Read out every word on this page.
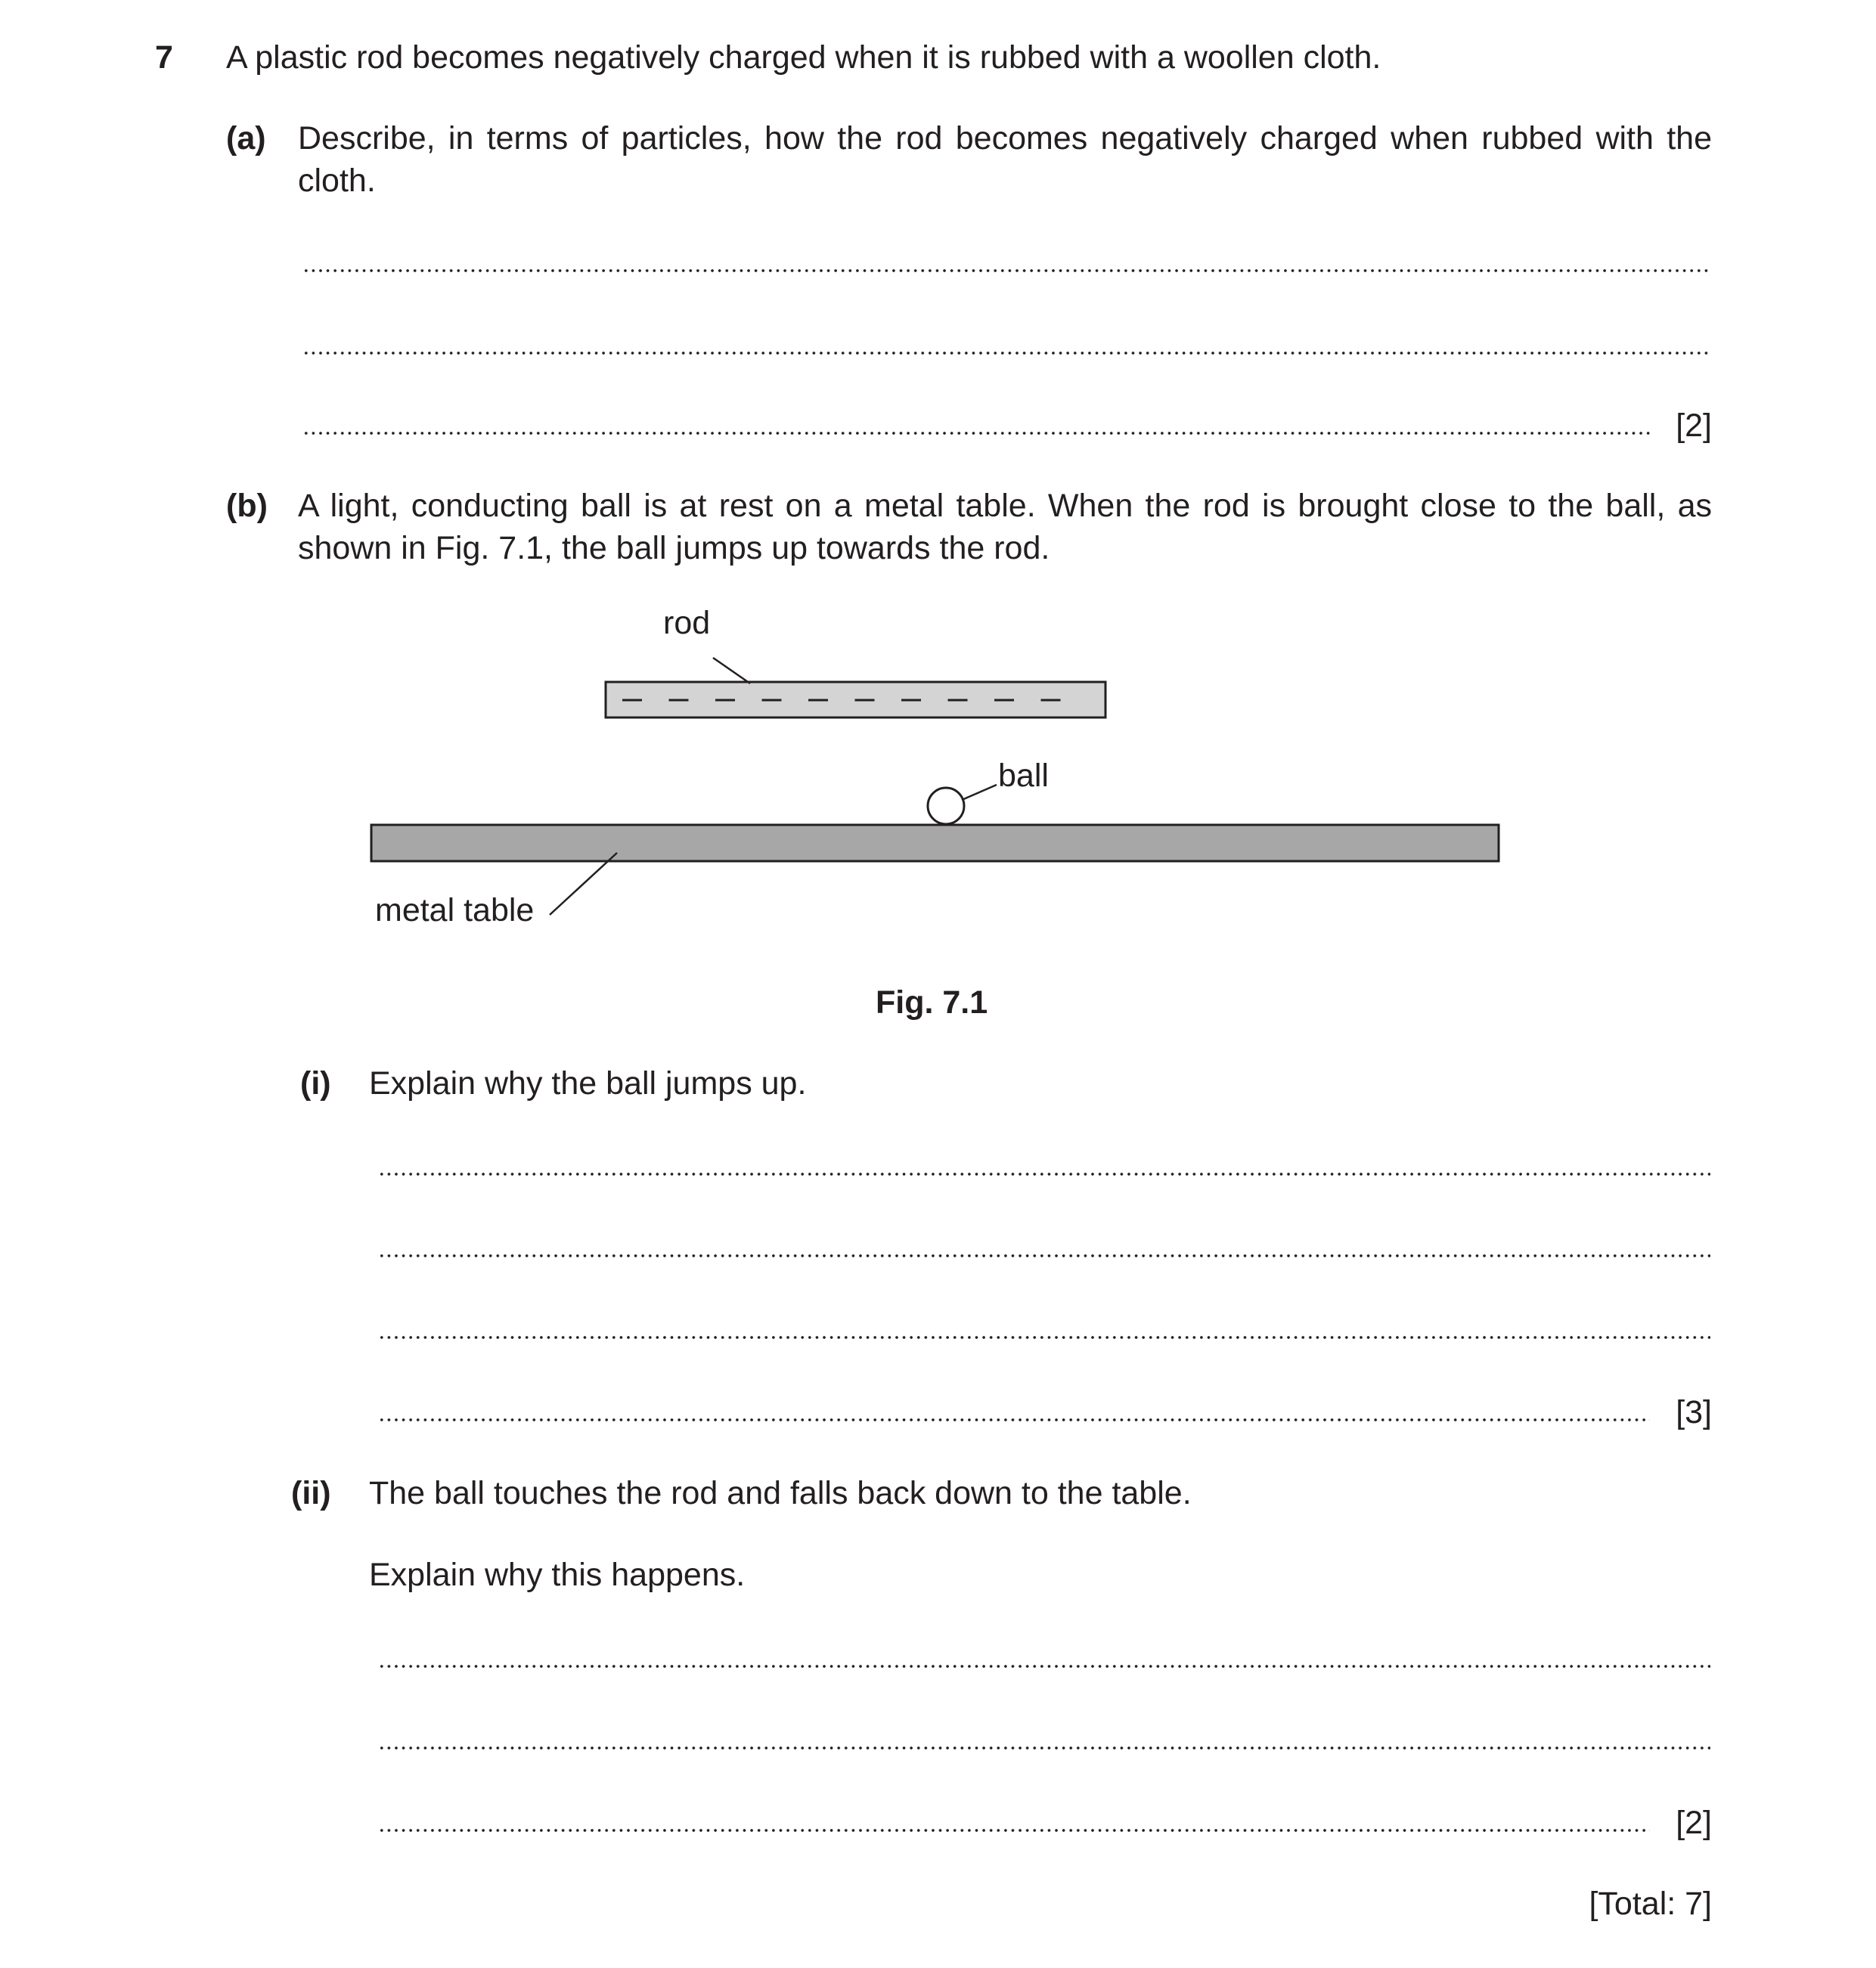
7 A plastic rod becomes negatively charged when it is rubbed with a woollen cloth.
(a) Describe, in terms of particles, how the rod becomes negatively charged when rubbed with the cloth.
[2]
(b) A light, conducting ball is at rest on a metal table. When the rod is brought close to the ball, as shown in Fig. 7.1, the ball jumps up towards the rod.
rod
ball
metal table
Fig. 7.1
(i) Explain why the ball jumps up.
[3]
(ii) The ball touches the rod and falls back down to the table.
Explain why this happens.
[2]
[Total: 7]
